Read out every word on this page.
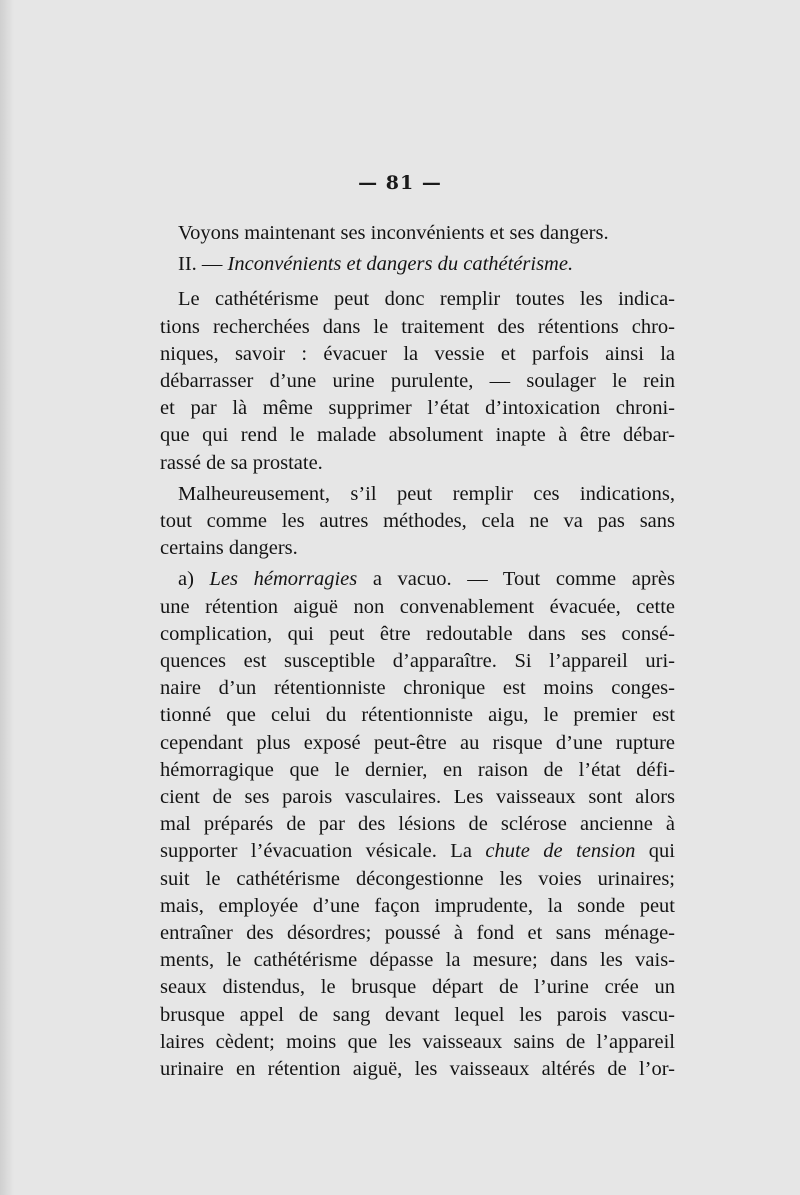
— 81 —
Voyons maintenant ses inconvénients et ses dangers.
II. — Inconvénients et dangers du cathétérisme.
Le cathétérisme peut donc remplir toutes les indica-
tions recherchées dans le traitement des rétentions chro-
niques, savoir : évacuer la vessie et parfois ainsi la
débarrasser d’une urine purulente, — soulager le rein
et par là même supprimer l’état d’intoxication chroni-
que qui rend le malade absolument inapte à être débar-
rassé de sa prostate.
Malheureusement, s’il peut remplir ces indications,
tout comme les autres méthodes, cela ne va pas sans
certains dangers.
a) Les hémorragies a vacuo. — Tout comme après
une rétention aiguë non convenablement évacuée, cette
complication, qui peut être redoutable dans ses consé-
quences est susceptible d’apparaître. Si l’appareil uri-
naire d’un rétentionniste chronique est moins conges-
tionné que celui du rétentionniste aigu, le premier est
cependant plus exposé peut-être au risque d’une rupture
hémorragique que le dernier, en raison de l’état défi-
cient de ses parois vasculaires. Les vaisseaux sont alors
mal préparés de par des lésions de sclérose ancienne à
supporter l’évacuation vésicale. La chute de tension qui
suit le cathétérisme décongestionne les voies urinaires;
mais, employée d’une façon imprudente, la sonde peut
entraîner des désordres; poussé à fond et sans ménage-
ments, le cathétérisme dépasse la mesure; dans les vais-
seaux distendus, le brusque départ de l’urine crée un
brusque appel de sang devant lequel les parois vascu-
laires cèdent; moins que les vaisseaux sains de l’appareil
urinaire en rétention aiguë, les vaisseaux altérés de l’or-
